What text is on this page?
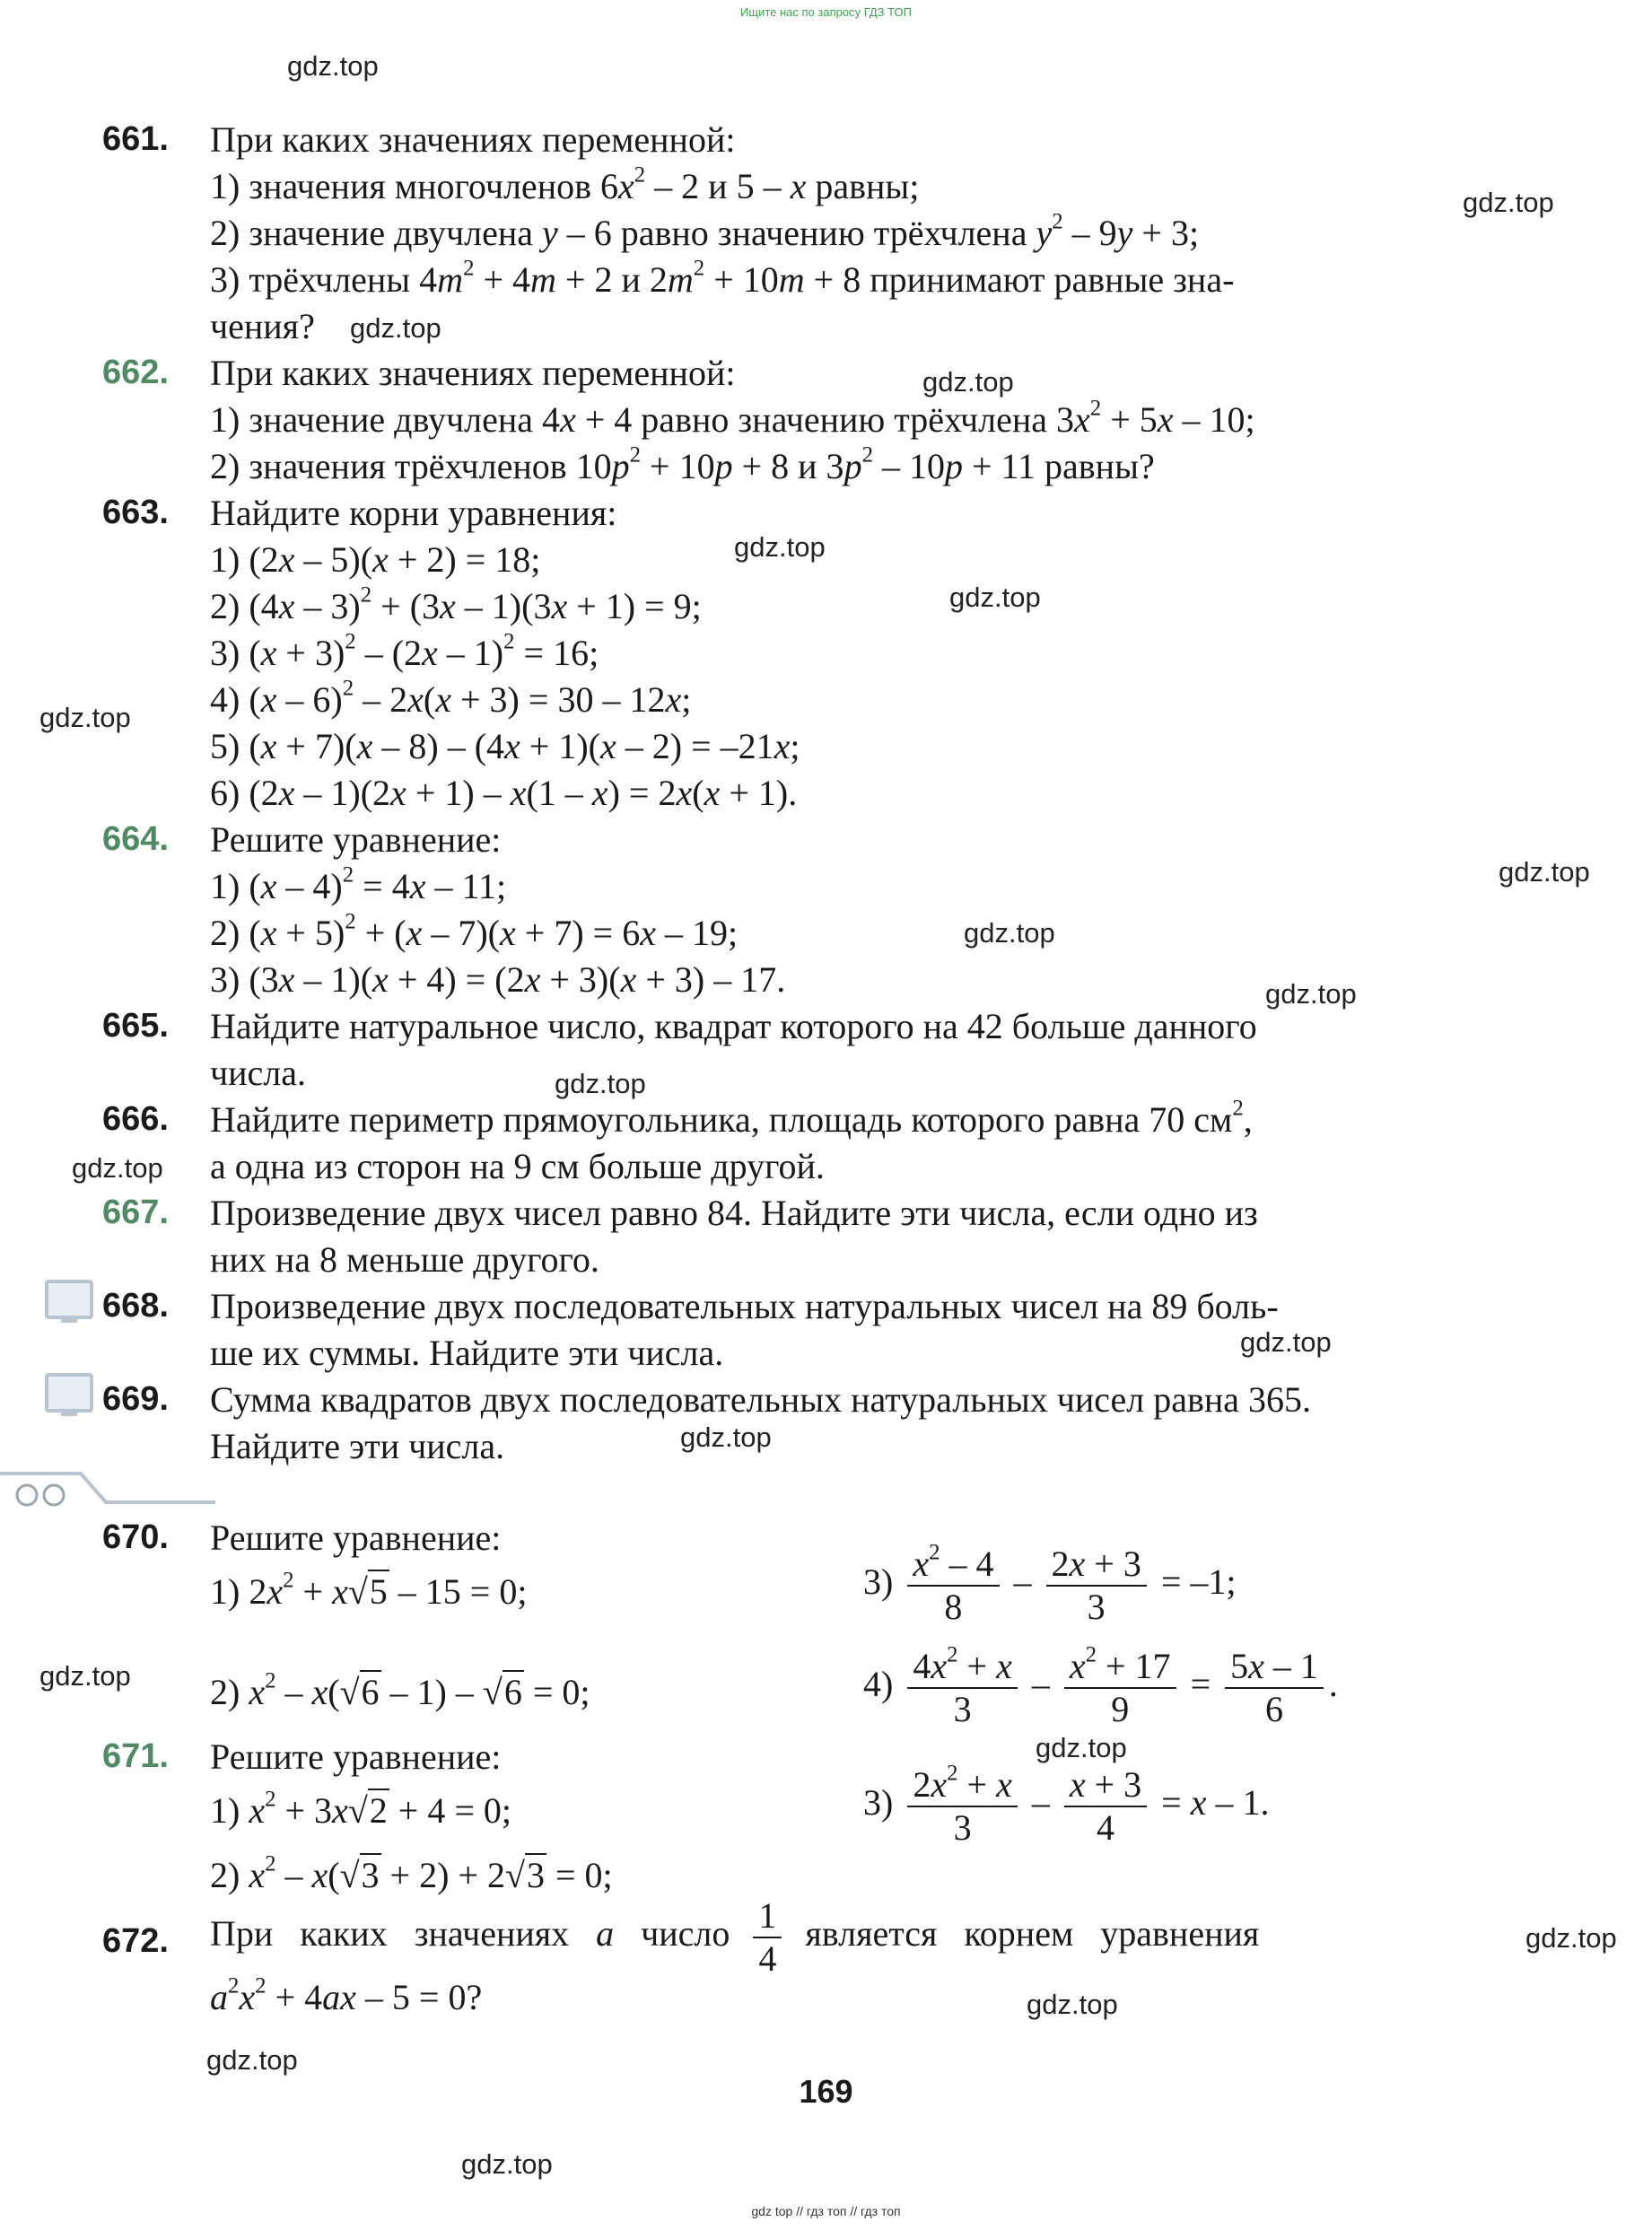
Ищите нас по запросу ГДЗ ТОП
gdz.top
gdz.top
gdz.top
gdz.top
gdz.top
gdz.top
gdz.top
gdz.top
gdz.top
gdz.top
gdz.top
gdz.top
gdz.top
gdz.top
gdz.top
gdz.top
gdz.top
gdz.top
gdz.top
gdz.top
661. При каких значениях переменной:
1) значения многочленов $6x^2 - 2$ и 5 – x равны;
2) значение двучлена y – 6 равно значению трёхчлена $y^2 - 9y + 3$;
3) трёхчлены $4m^2 + 4m + 2$ и $2m^2 + 10m + 8$ принимают равные зна-
чения?
662. При каких значениях переменной:
1) значение двучлена 4x + 4 равно значению трёхчлена $3x^2 + 5x - 10$;
2) значения трёхчленов $10p^2 + 10p + 8$ и $3p^2 - 10p + 11$ равны?
663. Найдите корни уравнения:
1) (2x – 5)(x + 2) = 18;
2) (4x – 3)$^2$ + (3x – 1)(3x + 1) = 9;
3) $(x + 3)^2 - (2x - 1)^2 = 16$;
4) (x – 6)$^2$ – 2x(x + 3) = 30 – 12x;
5) (x + 7)(x – 8) – (4x + 1)(x – 2) = –21x;
6) (2x – 1)(2x + 1) – x(1 – x) = 2x(x + 1).
664. Решите уравнение:
1) (x – 4)$^2$ = 4x – 11;
2) $(x + 5)^2 + (x - 7)(x + 7) = 6x - 19$;
3) (3x – 1)(x + 4) = (2x + 3)(x + 3) – 17.
665. Найдите натуральное число, квадрат которого на 42 больше данного
числа.
666. Найдите периметр прямоугольника, площадь которого равна 70 $см^2$,
а одна из сторон на 9 см больше другой.
667. Произведение двух чисел равно 84. Найдите эти числа, если одно из
них на 8 меньше другого.
668. Произведение двух последовательных натуральных чисел на 89 боль-
ше их суммы. Найдите эти числа.
669. Сумма квадратов двух последовательных натуральных чисел равна 365.
Найдите эти числа.
670. Решите уравнение:
1) $2x^2 + x√5 - 15 = 0$;	$3) \frac{x^2 - 4}{8} - \frac{2x + 3}{3} = -1$;
2) $x^2 - x(√6 - 1) - √6 = 0$;	$4) \frac{4x^2 + x}{3} - \frac{x^2 + 17}{9} = \frac{5x - 1}{6}$ .
671. Решите уравнение:
1) $x^2 + 3x√2 + 4 = 0$;	$3) \frac{2x^2 + x}{3} - \frac{x + 3}{4} = x - 1$.
2) $x^2 - x(√3 + 2) + 2√3 = 0$;
672. При   каких   значениях   a   число $\frac{1}{4}$ является   корнем   уравнения
$a^2x^2 + 4ax - 5 = 0$?
169
gdz top // гдз топ // гдз топ
